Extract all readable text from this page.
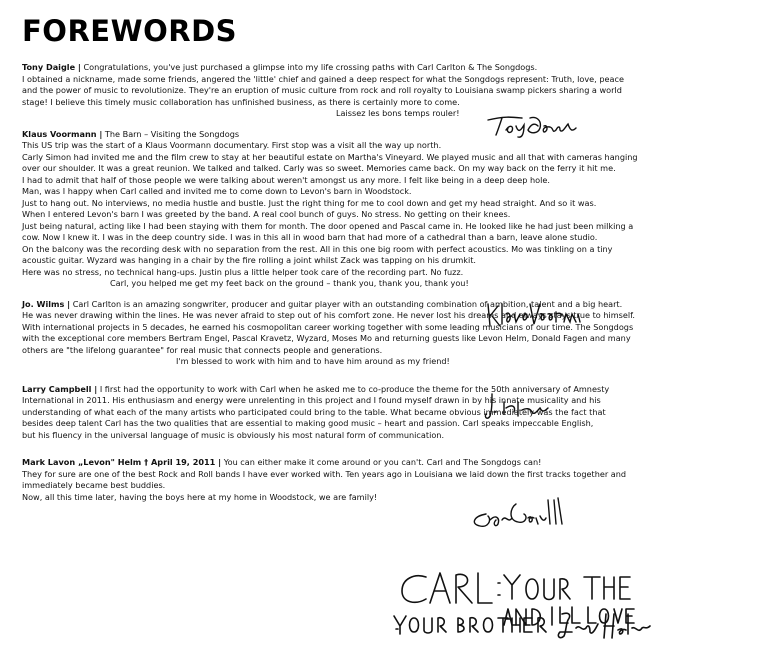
FOREWORDS

Tony Daigle | Congratulations, you've just purchased a glimpse into my life crossing paths with Carl Carlton & The Songdogs.

I obtained a nickname, made some friends, angered the 'little' chief and gained a deep respect for what the Songdogs represent: Truth, love, peace

and the power of music to revolutionize. They're an eruption of music culture from rock and roll royalty to Louisiana swamp pickers sharing a world

stage! I believe this timely music collaboration has unfinished business, as there is certainly more to come.

Laissez les bons temps rouler!

Klaus Voormann | The Barn – Visiting the Songdogs

This US trip was the start of a Klaus Voormann documentary. First stop was a visit all the way up north.

Carly Simon had invited me and the film crew to stay at her beautiful estate on Martha's Vineyard. We played music and all that with cameras hanging

over our shoulder. It was a great reunion. We talked and talked. Carly was so sweet. Memories came back. On my way back on the ferry it hit me.

I had to admit that half of those people we were talking about weren't amongst us any more. I felt like being in a deep deep hole.

Man, was I happy when Carl called and invited me to come down to Levon's barn in Woodstock.

Just to hang out. No interviews, no media hustle and bustle. Just the right thing for me to cool down and get my head straight. And so it was.

When I entered Levon's barn I was greeted by the band. A real cool bunch of guys. No stress. No getting on their knees.

Just being natural, acting like I had been staying with them for month. The door opened and Pascal came in. He looked like he had just been milking a

cow. Now I knew it. I was in the deep country side. I was in this all in wood barn that had more of a cathedral than a barn, leave alone studio.

On the balcony was the recording desk with no separation from the rest. All in this one big room with perfect acoustics. Mo was tinkling on a tiny

acoustic guitar. Wyzard was hanging in a chair by the fire rolling a joint whilst Zack was tapping on his drumkit.

Here was no stress, no technical hang-ups. Justin plus a little helper took care of the recording part. No fuzz.

Carl, you helped me get my feet back on the ground – thank you, thank you, thank you!

Jo. Wilms | Carl Carlton is an amazing songwriter, producer and guitar player with an outstanding combination of ambition, talent and a big heart.

He was never drawing within the lines. He was never afraid to step out of his comfort zone. He never lost his dreams and always stays true to himself.

With international projects in 5 decades, he earned his cosmopolitan career working together with some leading musicians of our time. The Songdogs

with the exceptional core members Bertram Engel, Pascal Kravetz, Wyzard, Moses Mo and returning guests like Levon Helm, Donald Fagen and many

others are "the lifelong guarantee" for real music that connects people and generations.

I'm blessed to work with him and to have him around as my friend!

Larry Campbell | I first had the opportunity to work with Carl when he asked me to co-produce the theme for the 50th anniversary of Amnesty

International in 2011. His enthusiasm and energy were unrelenting in this project and I found myself drawn in by his innate musicality and his

understanding of what each of the many artists who participated could bring to the table. What became obvious immediately was the fact that

besides deep talent Carl has the two qualities that are essential to making good music – heart and passion. Carl speaks impeccable English,

but his fluency in the universal language of music is obviously his most natural form of communication.

Mark Lavon „Levon" Helm † April 19, 2011 | You can either make it come around or you can't. Carl and The Songdogs can!

They for sure are one of the best Rock and Roll bands I have ever worked with. Ten years ago in Louisiana we laid down the first tracks together and

immediately became best buddies.

Now, all this time later, having the boys here at my home in Woodstock, we are family!
